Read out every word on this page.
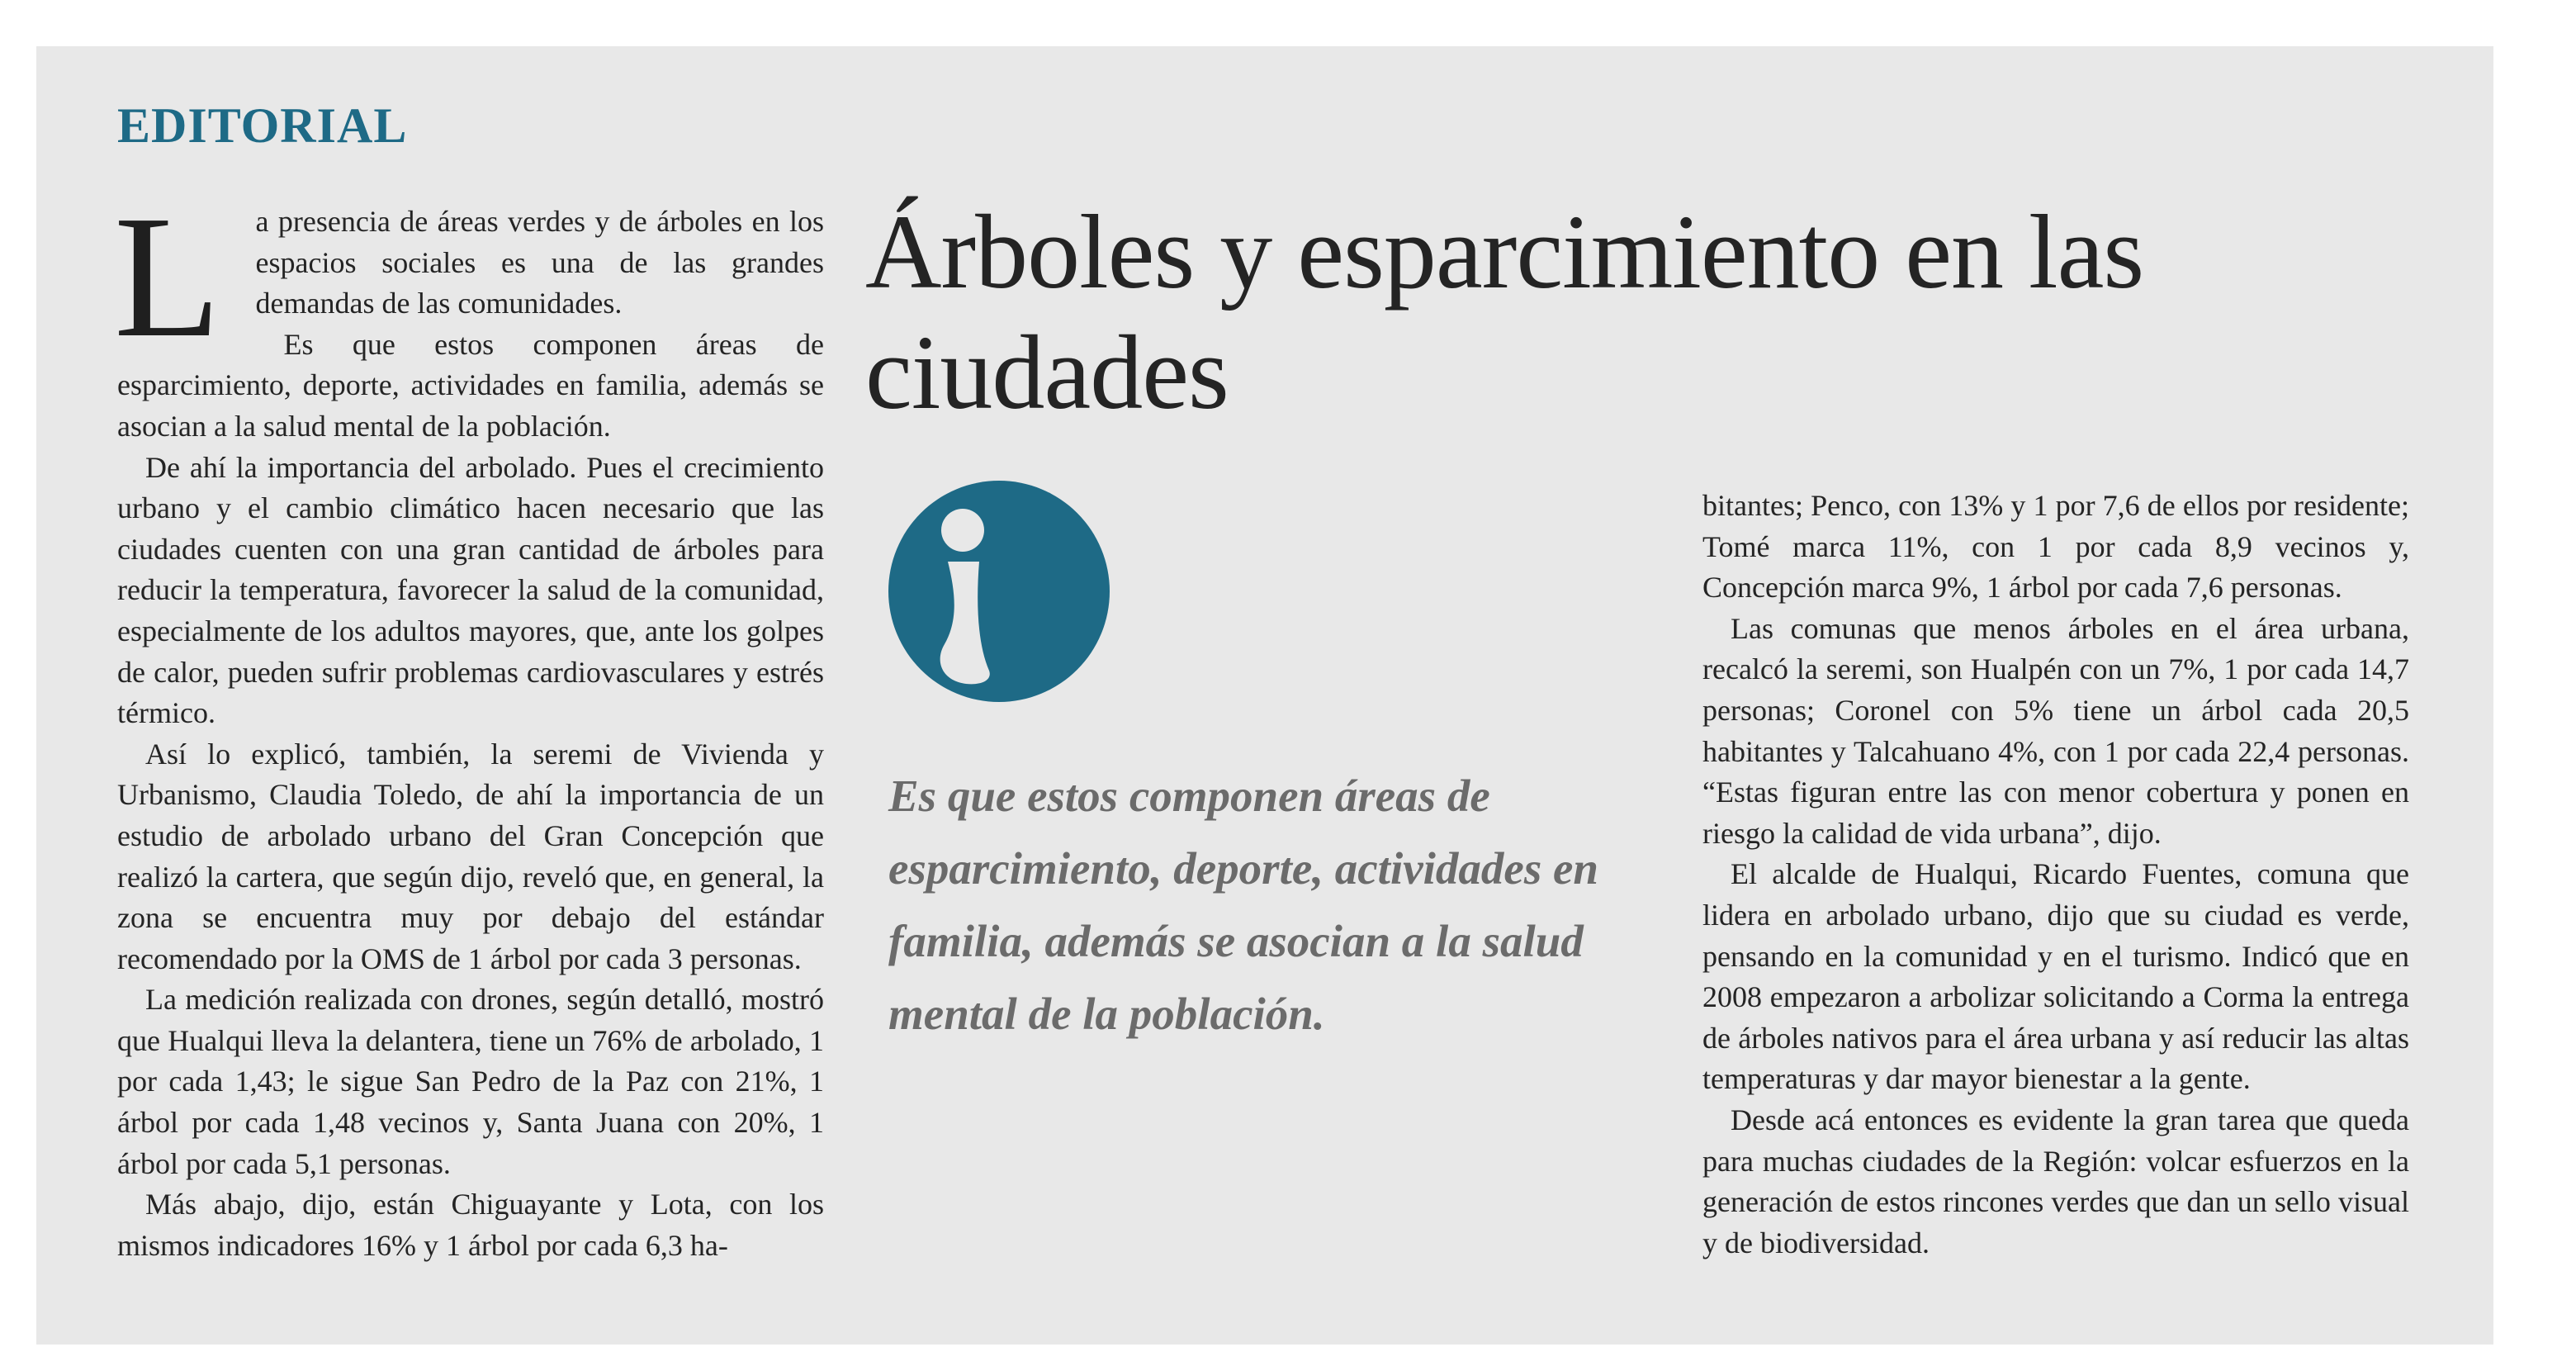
EDITORIAL

L a presencia de áreas verdes y de árboles en los espacios sociales es una de las grandes demandas de las comunidades.

Es que estos componen áreas de esparcimiento, deporte, actividades en familia, además se asocian a la salud mental de la población.

De ahí la importancia del arbolado. Pues el crecimiento urbano y el cambio climático hacen necesario que las ciudades cuenten con una gran cantidad de árboles para reducir la temperatura, favorecer la salud de la comunidad, especialmente de los adultos mayores, que, ante los golpes de calor, pueden sufrir problemas cardiovasculares y estrés térmico.

Así lo explicó, también, la seremi de Vivienda y Urbanismo, Claudia Toledo, de ahí la importancia de un estudio de arbolado urbano del Gran Concepción que realizó la cartera, que según dijo, reveló que, en general, la zona se encuentra muy por debajo del estándar recomendado por la OMS de 1 árbol por cada 3 personas.

La medición realizada con drones, según detalló, mostró que Hualqui lleva la delantera, tiene un 76% de arbolado, 1 por cada 1,43; le sigue San Pedro de la Paz con 21%, 1 árbol por cada 1,48 vecinos y, Santa Juana con 20%, 1 árbol por cada 5,1 personas.

Más abajo, dijo, están Chiguayante y Lota, con los mismos indicadores 16% y 1 árbol por cada 6,3 ha-

Árboles y esparcimiento en las ciudades

Es que estos componen áreas de esparcimiento, deporte, actividades en familia, además se asocian a la salud mental de la población.

bitantes; Penco, con 13% y 1 por 7,6 de ellos por residente; Tomé marca 11%, con 1 por cada 8,9 vecinos y, Concepción marca 9%, 1 árbol por cada 7,6 personas.

Las comunas que menos árboles en el área urbana, recalcó la seremi, son Hualpén con un 7%, 1 por cada 14,7 personas; Coronel con 5% tiene un árbol cada 20,5 habitantes y Talcahuano 4%, con 1 por cada 22,4 personas. “Estas figuran entre las con menor cobertura y ponen en riesgo la calidad de vida urbana”, dijo.

El alcalde de Hualqui, Ricardo Fuentes, comuna que lidera en arbolado urbano, dijo que su ciudad es verde, pensando en la comunidad y en el turismo. Indicó que en 2008 empezaron a arbolizar solicitando a Corma la entrega de árboles nativos para el área urbana y así reducir las altas temperaturas y dar mayor bienestar a la gente.

Desde acá entonces es evidente la gran tarea que queda para muchas ciudades de la Región: volcar esfuerzos en la generación de estos rincones verdes que dan un sello visual y de biodiversidad.
